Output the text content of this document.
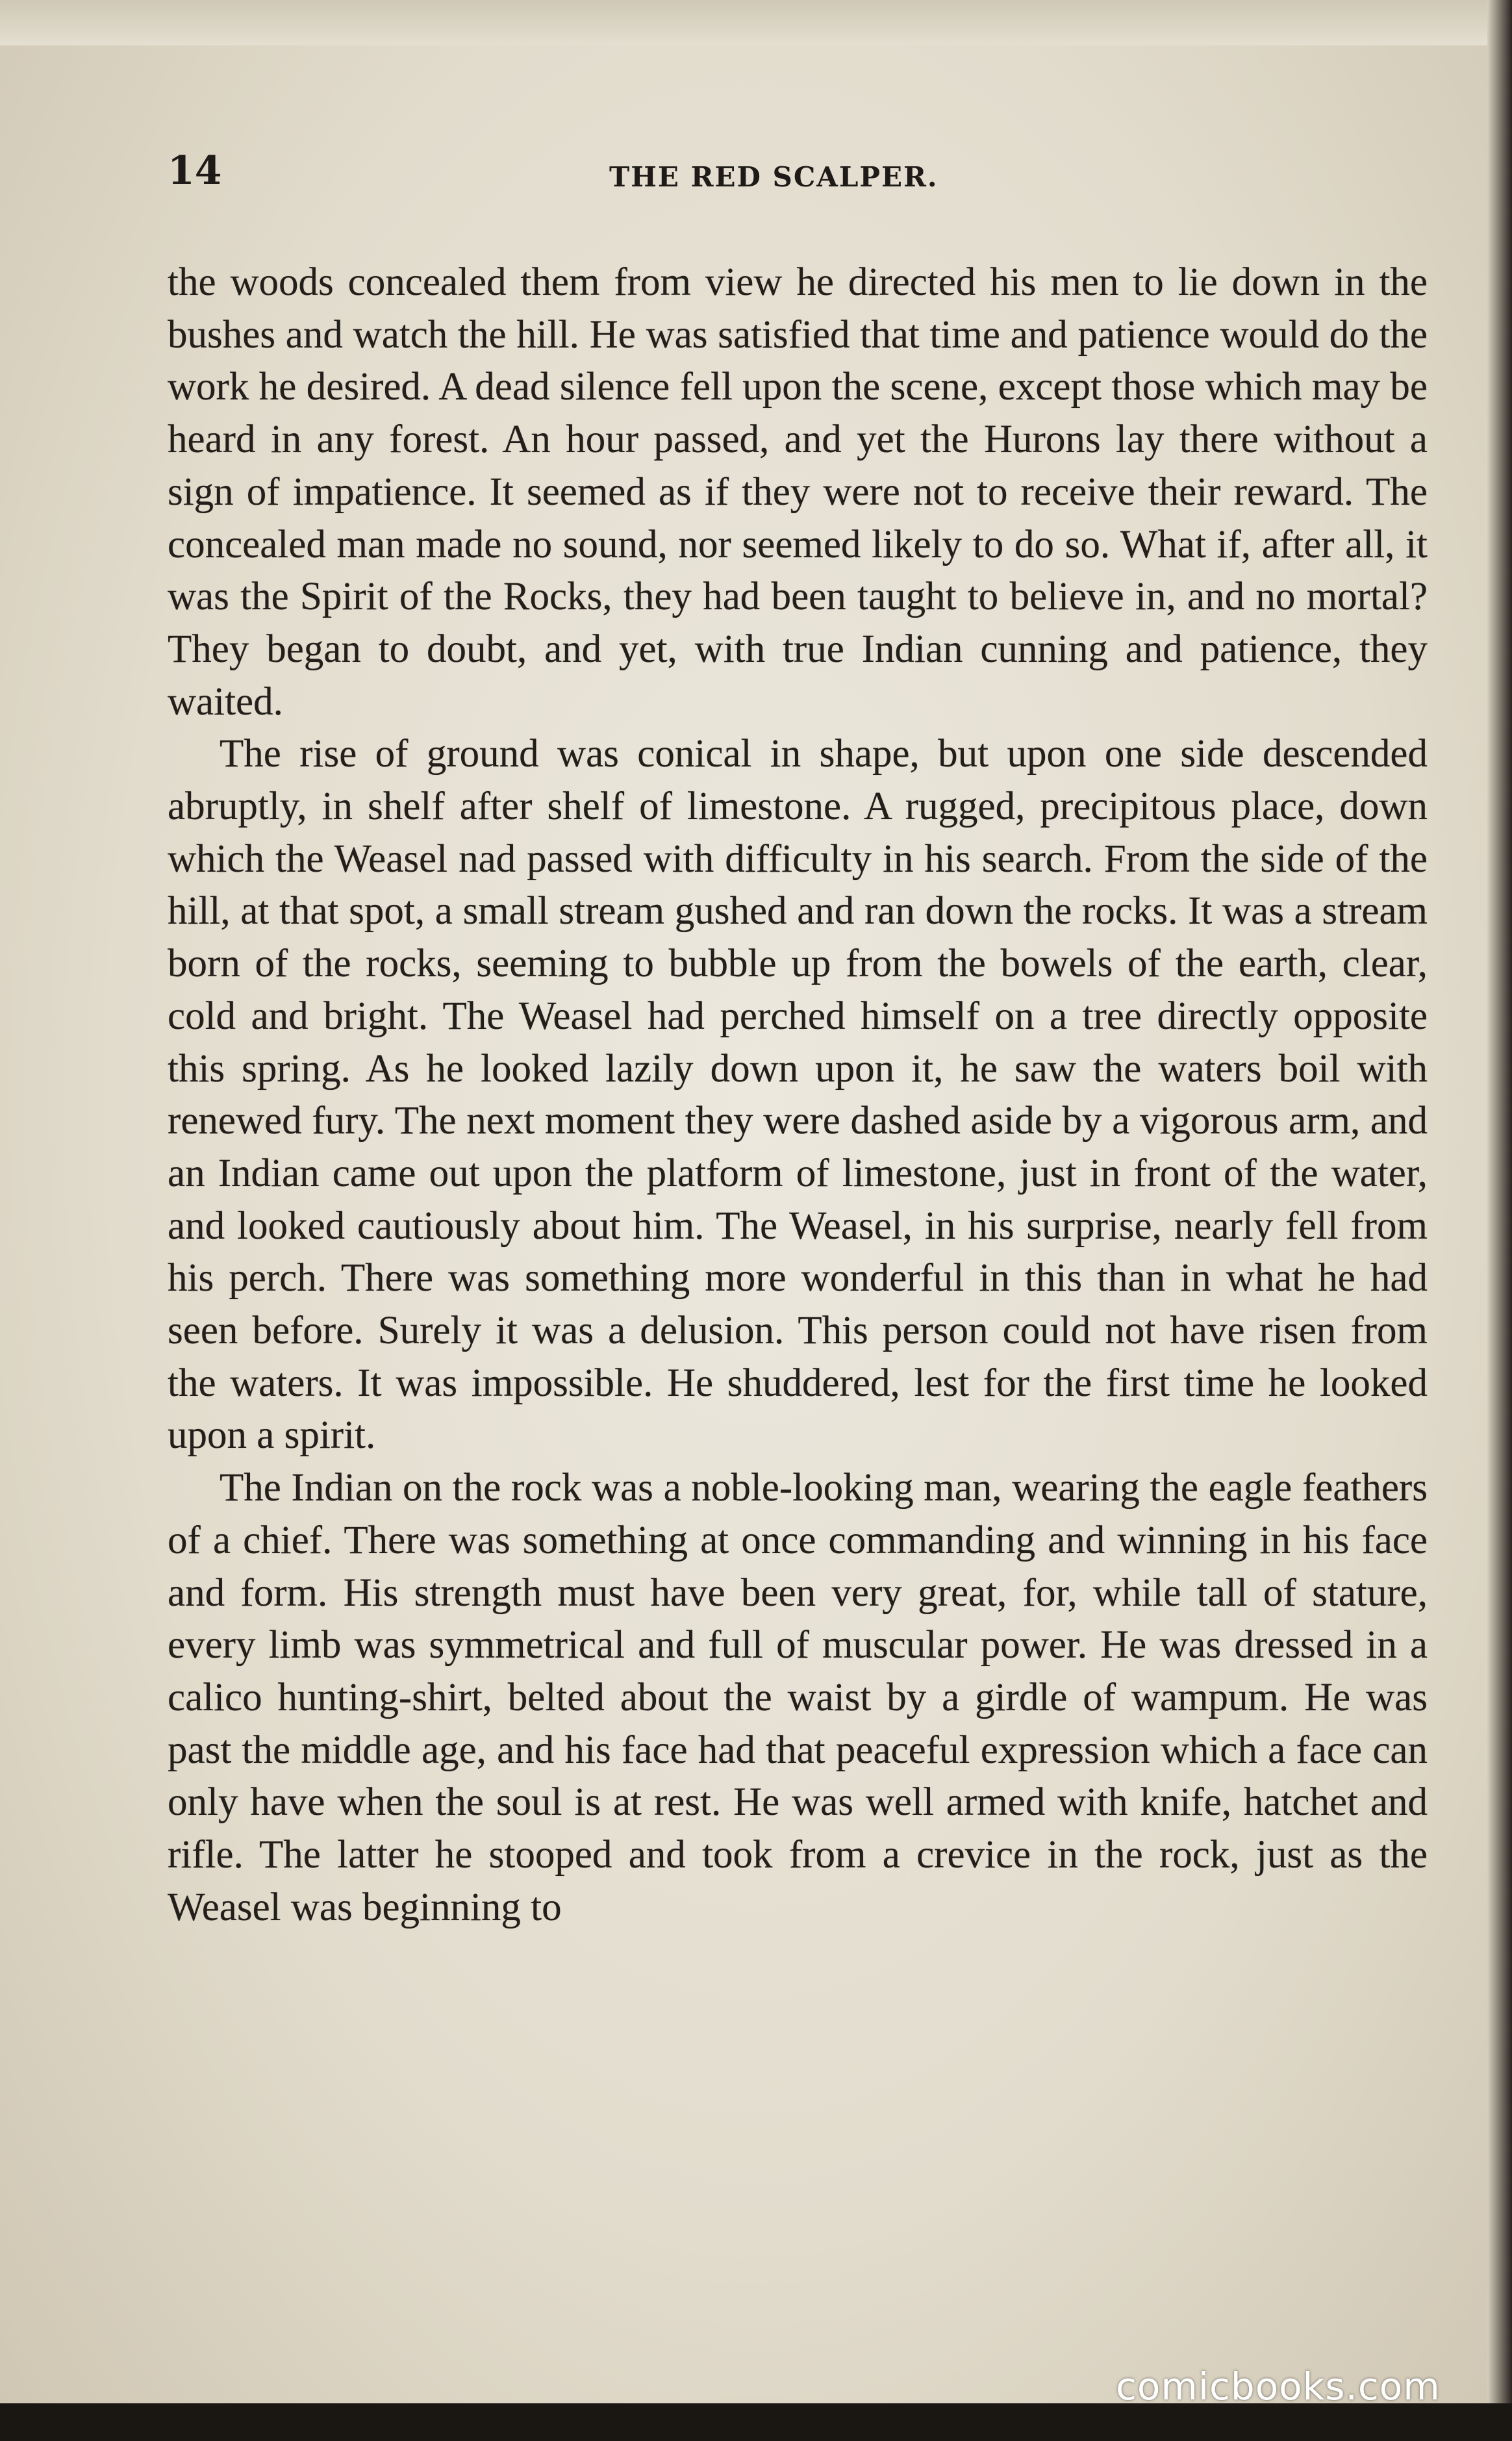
14	THE RED SCALPER.

the woods concealed them from view he directed his men to lie down in the bushes and watch the hill. He was satisfied that time and patience would do the work he desired. A dead silence fell upon the scene, except those which may be heard in any forest. An hour passed, and yet the Hurons lay there without a sign of impatience. It seemed as if they were not to receive their reward. The concealed man made no sound, nor seemed likely to do so. What if, after all, it was the Spirit of the Rocks, they had been taught to believe in, and no mortal? They began to doubt, and yet, with true Indian cunning and patience, they waited.

The rise of ground was conical in shape, but upon one side descended abruptly, in shelf after shelf of limestone. A rugged, precipitous place, down which the Weasel nad passed with difficulty in his search. From the side of the hill, at that spot, a small stream gushed and ran down the rocks. It was a stream born of the rocks, seeming to bubble up from the bowels of the earth, clear, cold and bright. The Weasel had perched himself on a tree directly opposite this spring. As he looked lazily down upon it, he saw the waters boil with renewed fury. The next moment they were dashed aside by a vigorous arm, and an Indian came out upon the platform of limestone, just in front of the water, and looked cautiously about him. The Weasel, in his surprise, nearly fell from his perch. There was something more wonderful in this than in what he had seen before. Surely it was a delusion. This person could not have risen from the waters. It was impossible. He shuddered, lest for the first time he looked upon a spirit.

The Indian on the rock was a noble-looking man, wearing the eagle feathers of a chief. There was something at once commanding and winning in his face and form. His strength must have been very great, for, while tall of stature, every limb was symmetrical and full of muscular power. He was dressed in a calico hunting-shirt, belted about the waist by a girdle of wampum. He was past the middle age, and his face had that peaceful expression which a face can only have when the soul is at rest. He was well armed with knife, hatchet and rifle. The latter he stooped and took from a crevice in the rock, just as the Weasel was beginning to

comicbooks.com
